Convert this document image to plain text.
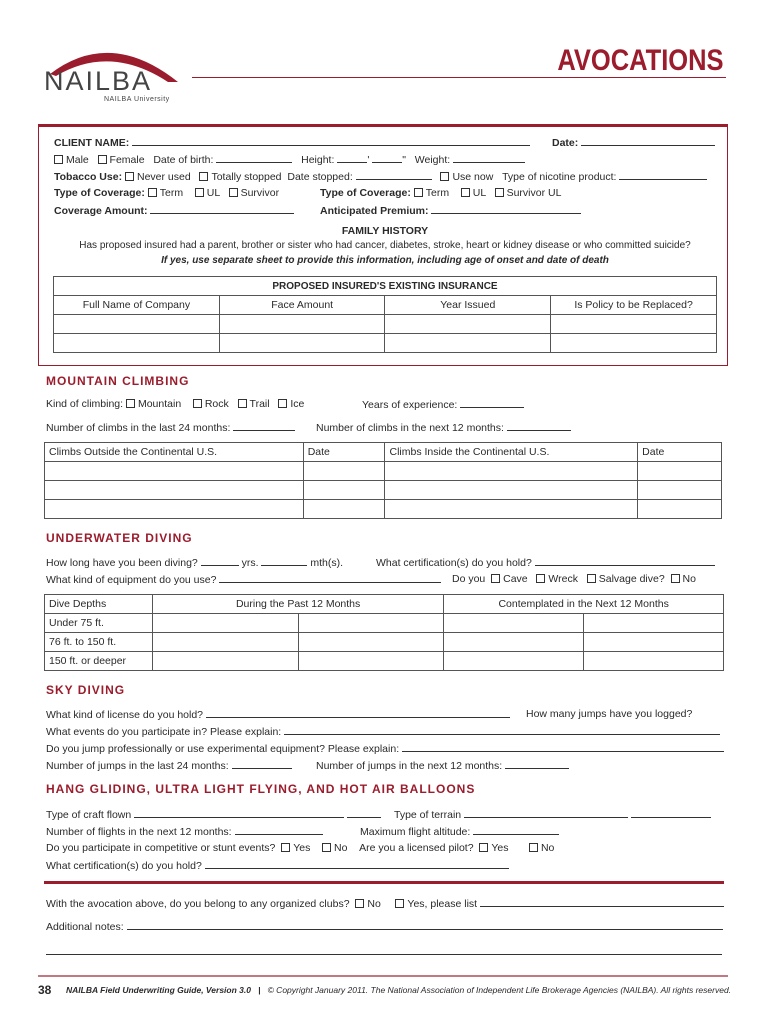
NAILBA
NAILBA University
AVOCATIONS
CLIENT NAME:	Date:
Male Female Date of birth:	Height:	'	" Weight:
Tobacco Use: Never used Totally stopped Date stopped:	Use now Type of nicotine product:
Type of Coverage: Term UL Survivor	Type of Coverage: Term UL Survivor UL
Coverage Amount:	Anticipated Premium:
FAMILY HISTORY
Has proposed insured had a parent, brother or sister who had cancer, diabetes, stroke, heart or kidney disease or who committed suicide?
If yes, use separate sheet to provide this information, including age of onset and date of death
PROPOSED INSURED'S EXISTING INSURANCE			
Full Name of Company	Face Amount	Year Issued	Is Policy to be Replaced?

MOUNTAIN CLIMBING
Kind of climbing: Mountain Rock Trail Ice	Years of experience:
Number of climbs in the last 24 months:	Number of climbs in the next 12 months:
Climbs Outside the Continental U.S.	Date	Climbs Inside the Continental U.S.	Date

UNDERWATER DIVING
How long have you been diving?	yrs.	mth(s).	What certification(s) do you hold?
What kind of equipment do you use?	Do you Cave Wreck Salvage dive? No
Dive Depths	During the Past 12 Months		Contemplated in the Next 12 Months	
Under 75 ft.				
76 ft. to 150 ft.				
150 ft. or deeper				
SKY DIVING
What kind of license do you hold?	How many jumps have you logged?
What events do you participate in? Please explain:
Do you jump professionally or use experimental equipment? Please explain:
Number of jumps in the last 24 months:	Number of jumps in the next 12 months:
HANG GLIDING, ULTRA LIGHT FLYING, AND HOT AIR BALLOONS
Type of craft flown	Type of terrain
Number of flights in the next 12 months:	Maximum flight altitude:
Do you participate in competitive or stunt events? Yes No Are you a licensed pilot? Yes	No
What certification(s) do you hold?
With the avocation above, do you belong to any organized clubs? No	Yes, please list
Additional notes:
38 NAILBA Field Underwriting Guide, Version 3.0 | © Copyright January 2011. The National Association of Independent Life Brokerage Agencies (NAILBA). All rights reserved.
